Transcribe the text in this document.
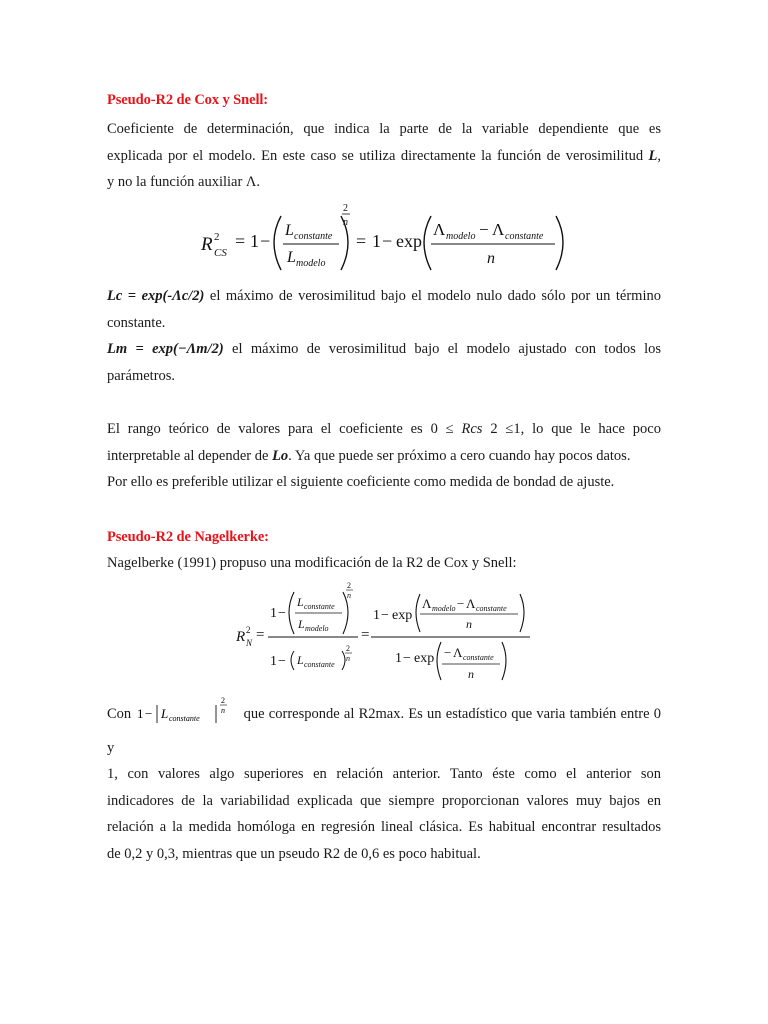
Pseudo-R2 de Cox y Snell:

Coeficiente de determinación, que indica la parte de la variable dependiente que es
explicada por el modelo. En este caso se utiliza directamente la función de verosimilitud L,
y no la función auxiliar Λ.
R 2
CS
= 1 −
L constante
L modelo
2
n
= 1 − exp
Λ modelo − Λ constante
n
Lc = exp(-Λc/2) el máximo de verosimilitud bajo el modelo nulo dado sólo por un término
constante.
Lm = exp(−Λm/2) el máximo de verosimilitud bajo el modelo ajustado con todos los
parámetros.
El rango teórico de valores para el coeficiente es 0 ≤ Rcs 2 ≤1, lo que le hace poco
interpretable al depender de Lo. Ya que puede ser próximo a cero cuando hay pocos datos.
Por ello es preferible utilizar el siguiente coeficiente como medida de bondad de ajuste.

Pseudo-R2 de Nagelkerke:

Nagelberke (1991) propuso una modificación de la R2 de Cox y Snell:
R 2
N =
1 −
L constante
L modelo
2
n
1 − L constante
2
n
=
1 − exp
Λ modelo − Λ constante
n
1 − exp − Λ constante
n
Con 1 − L constante
2
n que corresponde al R2max. Es un estadístico que varia también entre 0 y
1, con valores algo superiores en relación anterior. Tanto éste como el anterior son
indicadores de la variabilidad explicada que siempre proporcionan valores muy bajos en
relación a la medida homóloga en regresión lineal clásica. Es habitual encontrar resultados
de 0,2 y 0,3, mientras que un pseudo R2 de 0,6 es poco habitual.
